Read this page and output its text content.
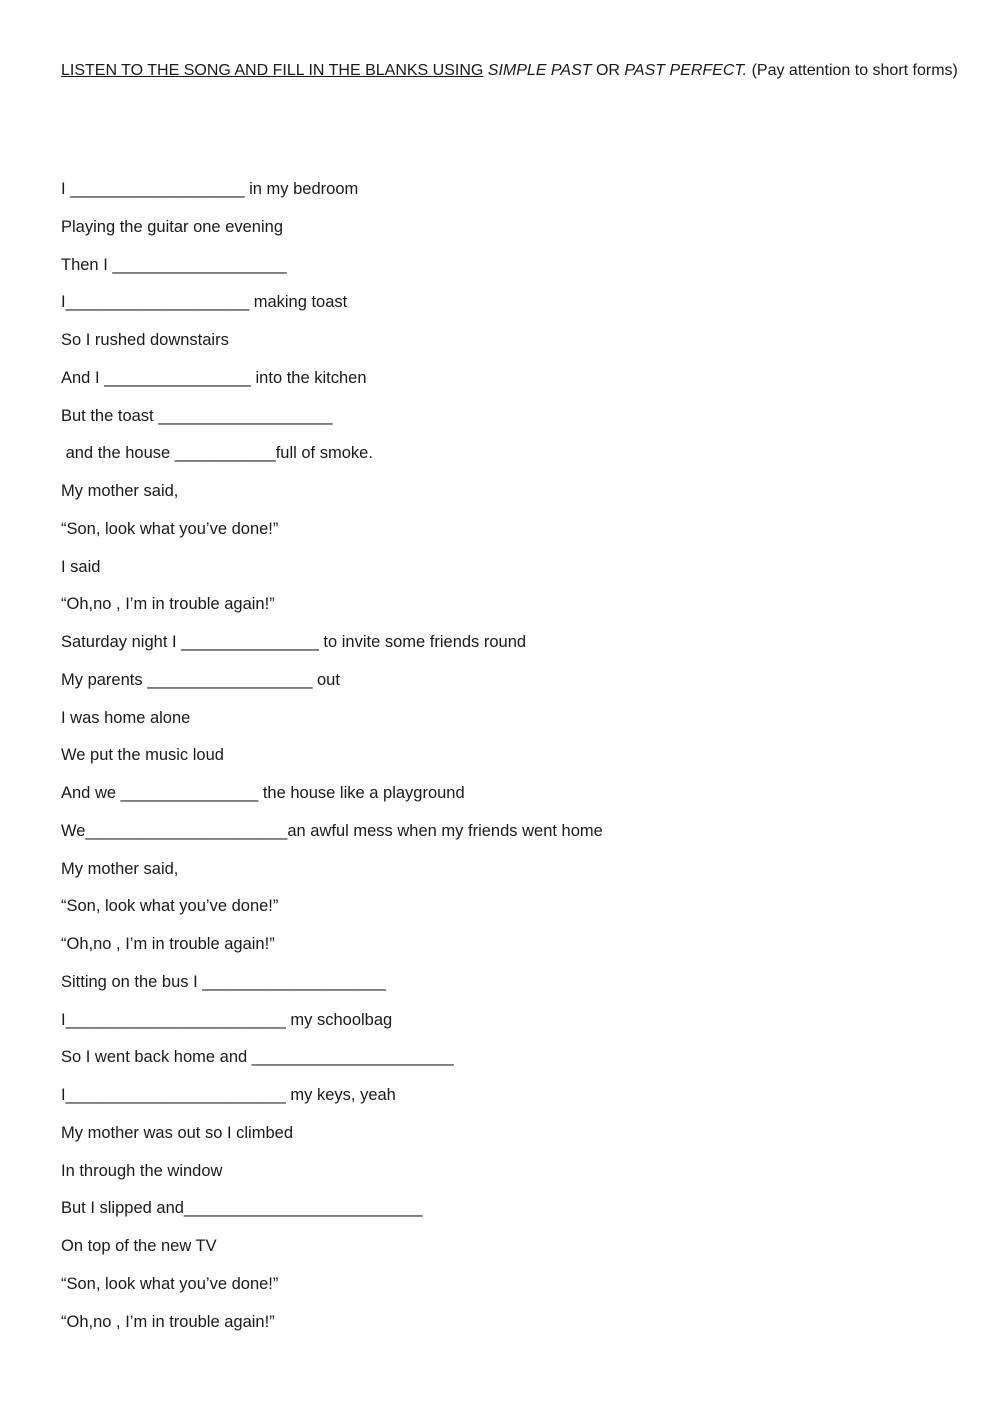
LISTEN TO THE SONG AND FILL IN THE BLANKS USING SIMPLE PAST OR PAST PERFECT. (Pay attention to short forms)
I ___________________ in my bedroom
Playing the guitar one evening
Then I ___________________
I____________________ making toast
So I rushed downstairs
And I ________________ into the kitchen
But the toast ___________________
and the house ___________full of smoke.
My mother said,
“Son, look what you’ve done!”
I said
“Oh,no , I’m in trouble again!”
Saturday night I _______________ to invite some friends round
My parents __________________ out
I was home alone
We put the music loud
And we _______________ the house like a playground
We______________________an awful mess when my friends went home
My mother said,
“Son, look what you’ve done!”
“Oh,no , I’m in trouble again!”
Sitting on the bus I ____________________
I________________________ my schoolbag
So I went back home and ______________________
I________________________ my keys, yeah
My mother was out so I climbed
In through the window
But I slipped and__________________________
On top of the new TV
“Son, look what you’ve done!”
“Oh,no , I’m in trouble again!”
